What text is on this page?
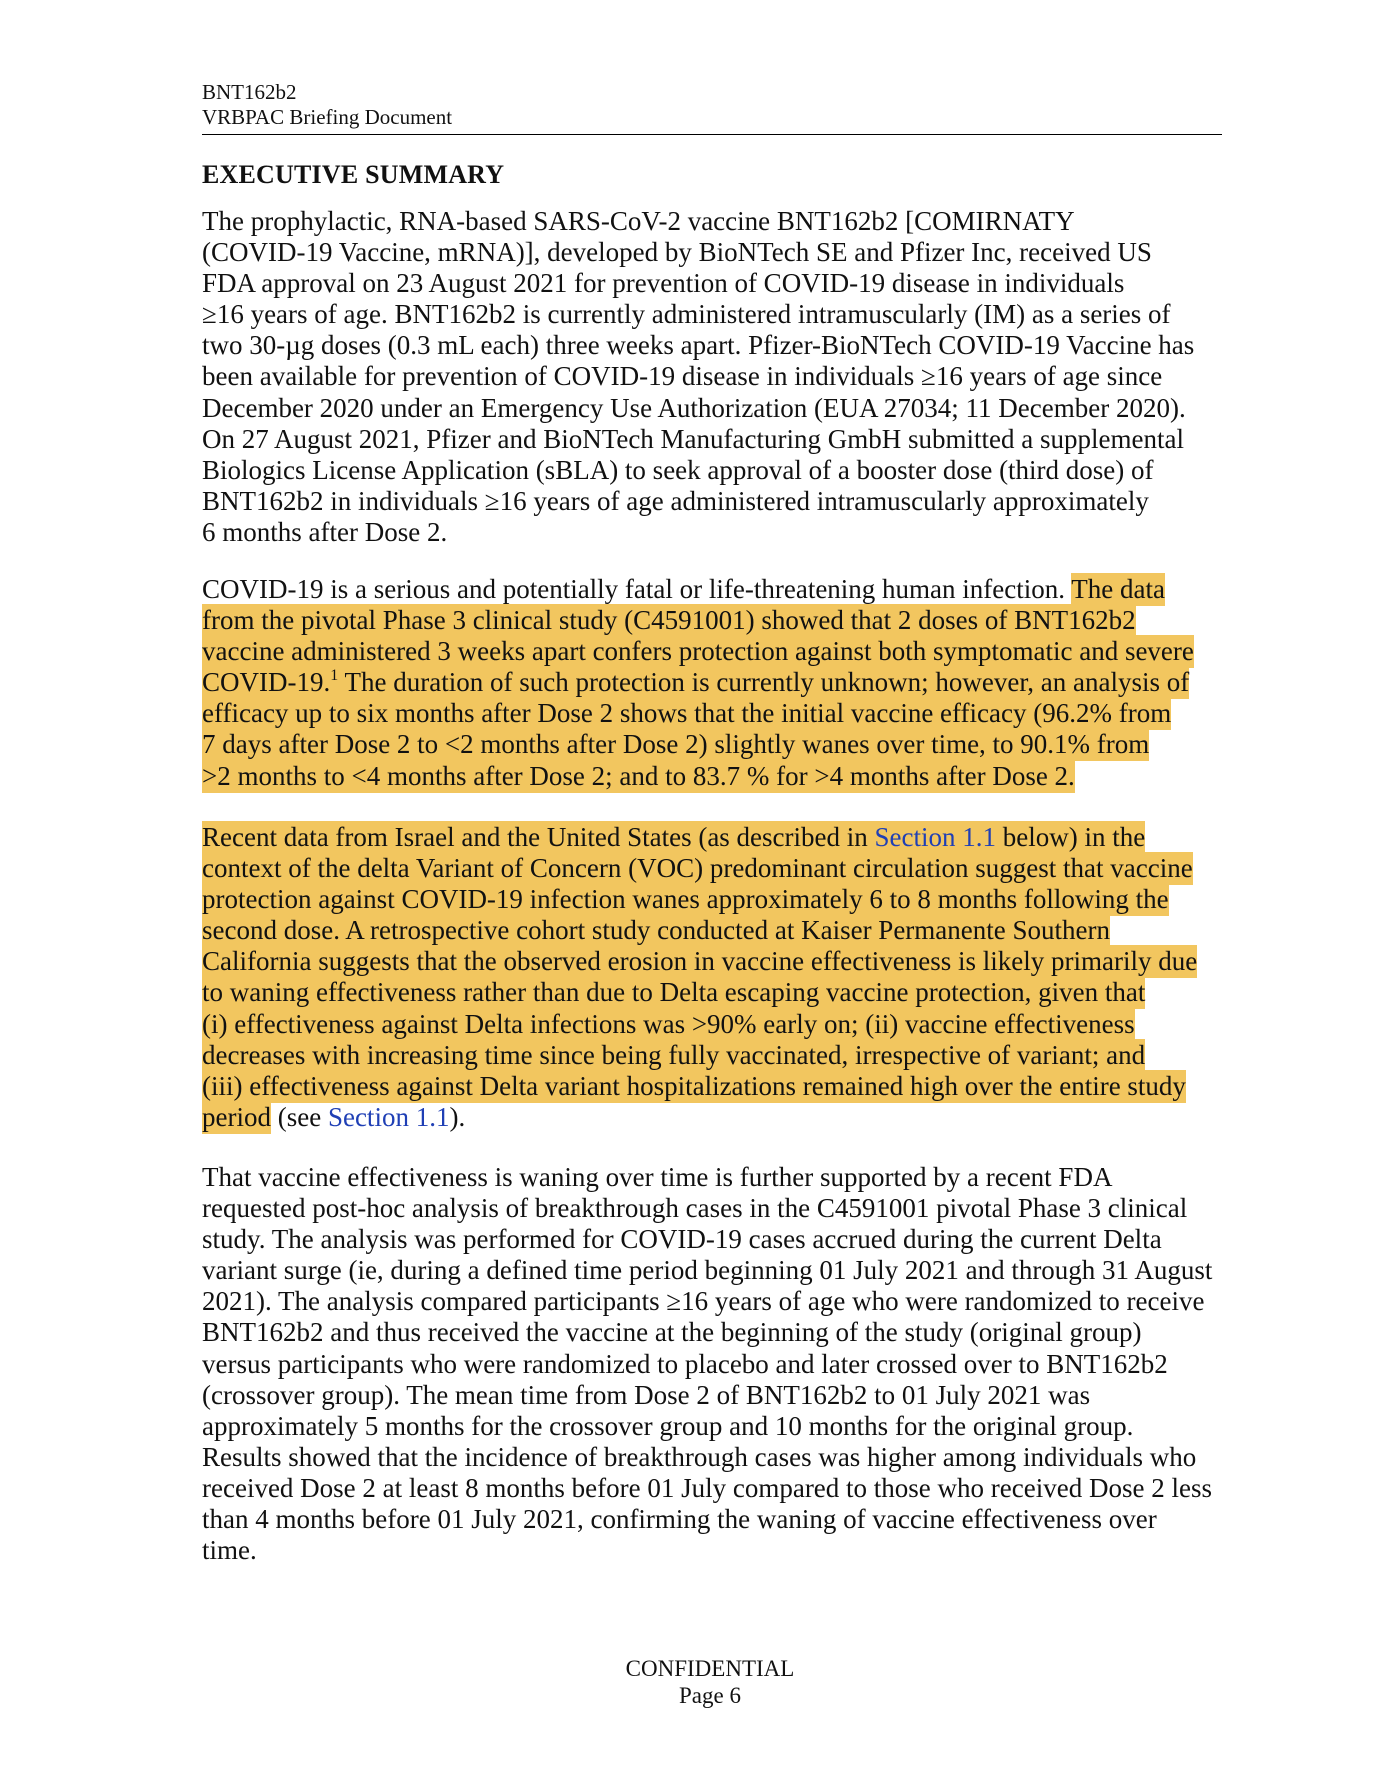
BNT162b2
VRBPAC Briefing Document
EXECUTIVE SUMMARY

The prophylactic, RNA-based SARS-CoV-2 vaccine BNT162b2 [COMIRNATY
(COVID-19 Vaccine, mRNA)], developed by BioNTech SE and Pfizer Inc, received US
FDA approval on 23 August 2021 for prevention of COVID-19 disease in individuals
≥16 years of age. BNT162b2 is currently administered intramuscularly (IM) as a series of
two 30-µg doses (0.3 mL each) three weeks apart. Pfizer-BioNTech COVID-19 Vaccine has
been available for prevention of COVID-19 disease in individuals ≥16 years of age since
December 2020 under an Emergency Use Authorization (EUA 27034; 11 December 2020).
On 27 August 2021, Pfizer and BioNTech Manufacturing GmbH submitted a supplemental
Biologics License Application (sBLA) to seek approval of a booster dose (third dose) of
BNT162b2 in individuals ≥16 years of age administered intramuscularly approximately
6 months after Dose 2.

COVID-19 is a serious and potentially fatal or life-threatening human infection. The data
from the pivotal Phase 3 clinical study (C4591001) showed that 2 doses of BNT162b2
vaccine administered 3 weeks apart confers protection against both symptomatic and severe
COVID-19.$^1$ The duration of such protection is currently unknown; however, an analysis of
efficacy up to six months after Dose 2 shows that the initial vaccine efficacy (96.2% from
7 days after Dose 2 to <2 months after Dose 2) slightly wanes over time, to 90.1% from
>2 months to <4 months after Dose 2; and to 83.7 % for >4 months after Dose 2.

Recent data from Israel and the United States (as described in Section 1.1 below) in the
context of the delta Variant of Concern (VOC) predominant circulation suggest that vaccine
protection against COVID-19 infection wanes approximately 6 to 8 months following the
second dose. A retrospective cohort study conducted at Kaiser Permanente Southern
California suggests that the observed erosion in vaccine effectiveness is likely primarily due
to waning effectiveness rather than due to Delta escaping vaccine protection, given that
(i) effectiveness against Delta infections was >90% early on; (ii) vaccine effectiveness
decreases with increasing time since being fully vaccinated, irrespective of variant; and
(iii) effectiveness against Delta variant hospitalizations remained high over the entire study
period (see Section 1.1).

That vaccine effectiveness is waning over time is further supported by a recent FDA
requested post-hoc analysis of breakthrough cases in the C4591001 pivotal Phase 3 clinical
study. The analysis was performed for COVID-19 cases accrued during the current Delta
variant surge (ie, during a defined time period beginning 01 July 2021 and through 31 August
2021). The analysis compared participants ≥16 years of age who were randomized to receive
BNT162b2 and thus received the vaccine at the beginning of the study (original group)
versus participants who were randomized to placebo and later crossed over to BNT162b2
(crossover group). The mean time from Dose 2 of BNT162b2 to 01 July 2021 was
approximately 5 months for the crossover group and 10 months for the original group.
Results showed that the incidence of breakthrough cases was higher among individuals who
received Dose 2 at least 8 months before 01 July compared to those who received Dose 2 less
than 4 months before 01 July 2021, confirming the waning of vaccine effectiveness over
time.

CONFIDENTIAL
Page 6
